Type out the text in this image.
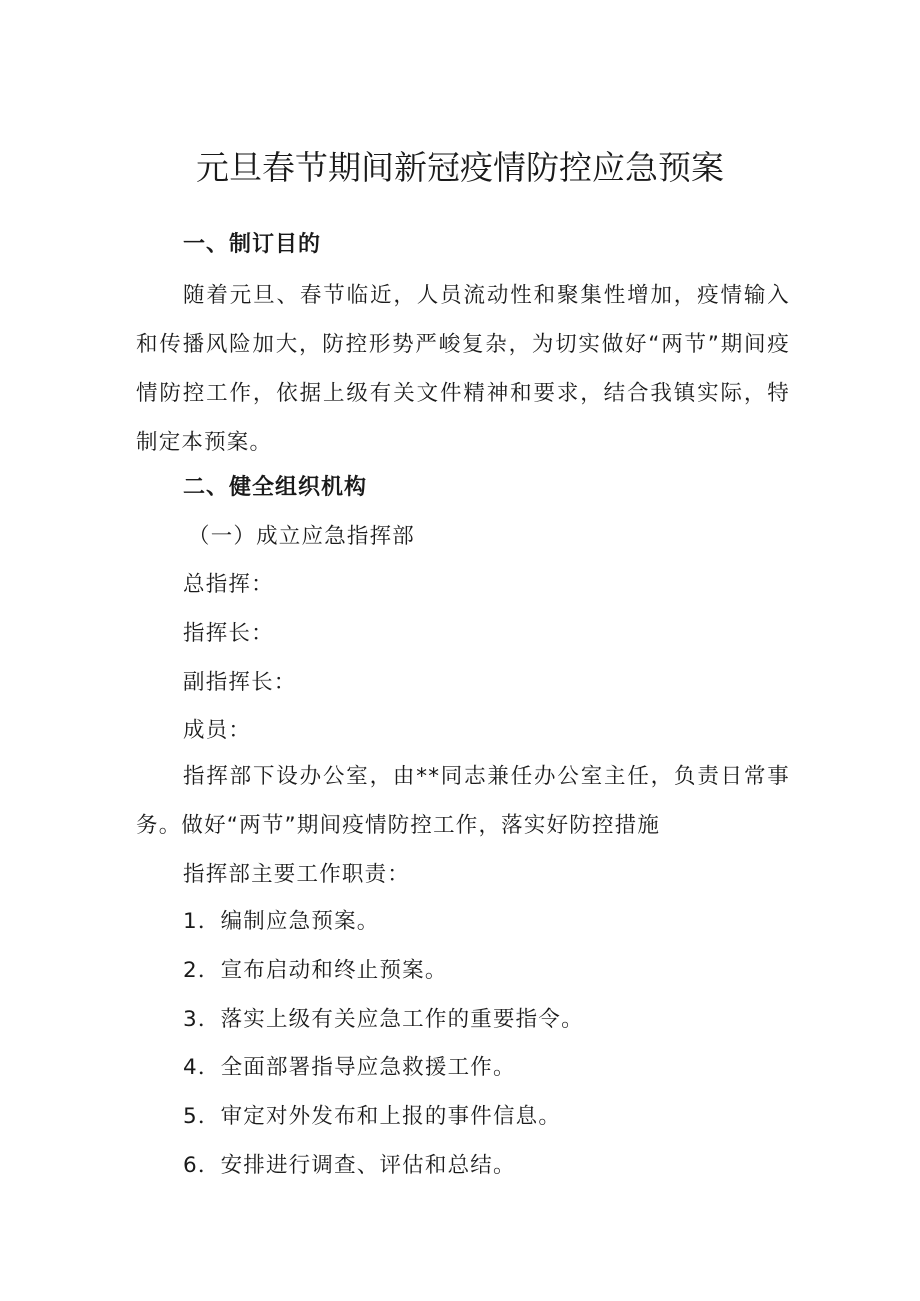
元旦春节期间新冠疫情防控应急预案
一、制订目的

随着元旦、春节临近，人员流动性和聚集性增加，疫情输入和传播风险加大，防控形势严峻复杂，为切实做好“两节”期间疫情防控工作，依据上级有关文件精神和要求，结合我镇实际，特制定本预案。

二、健全组织机构
（一）成立应急指挥部
总指挥：
指挥长：
副指挥长：
成员：

指挥部下设办公室，由**同志兼任办公室主任，负责日常事务。做好“两节”期间疫情防控工作，落实好防控措施

指挥部主要工作职责：
1．编制应急预案。
2．宣布启动和终止预案。
3．落实上级有关应急工作的重要指令。
4．全面部署指导应急救援工作。
5．审定对外发布和上报的事件信息。
6．安排进行调查、评估和总结。
